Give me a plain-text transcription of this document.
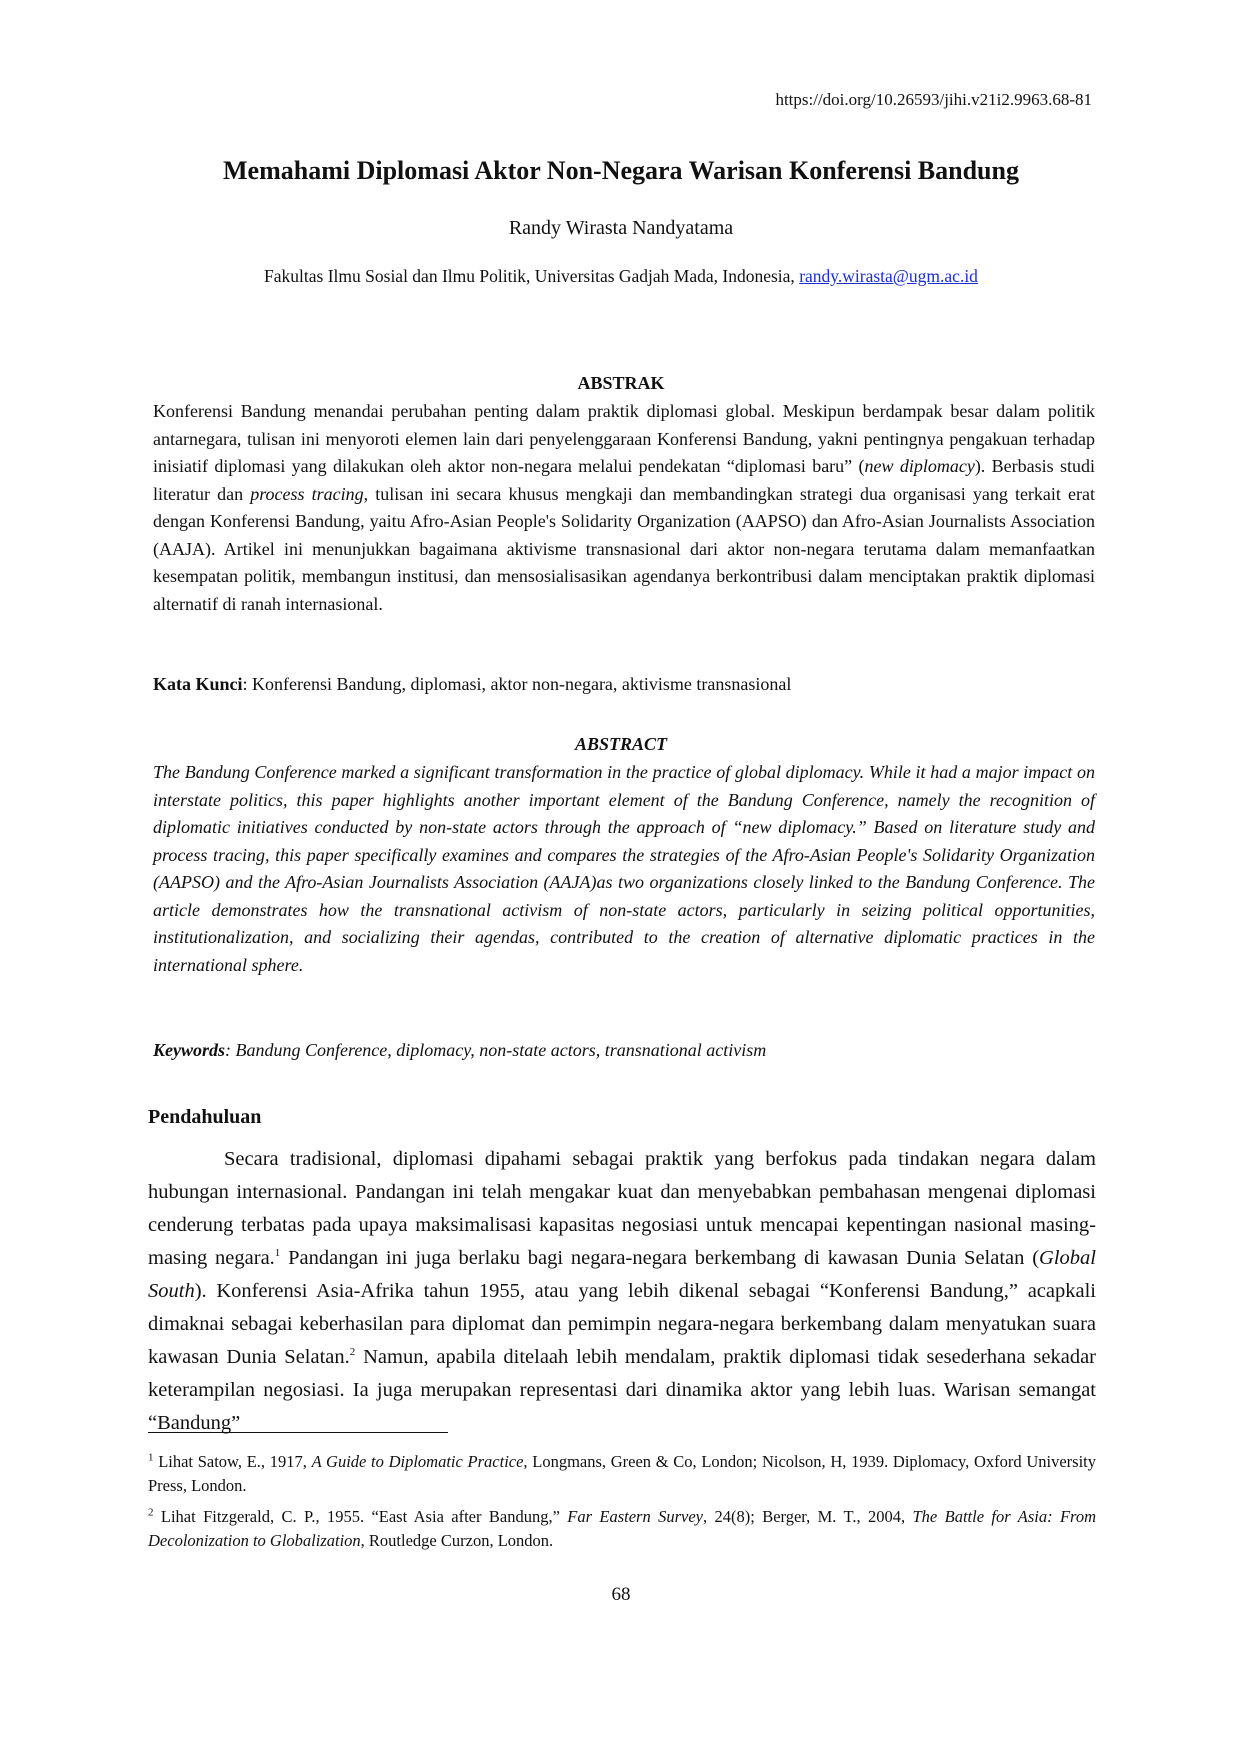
https://doi.org/10.26593/jihi.v21i2.9963.68-81
Memahami Diplomasi Aktor Non-Negara Warisan Konferensi Bandung
Randy Wirasta Nandyatama
Fakultas Ilmu Sosial dan Ilmu Politik, Universitas Gadjah Mada, Indonesia, randy.wirasta@ugm.ac.id
ABSTRAK
Konferensi Bandung menandai perubahan penting dalam praktik diplomasi global. Meskipun berdampak besar dalam politik antarnegara, tulisan ini menyoroti elemen lain dari penyelenggaraan Konferensi Bandung, yakni pentingnya pengakuan terhadap inisiatif diplomasi yang dilakukan oleh aktor non-negara melalui pendekatan “diplomasi baru” (new diplomacy). Berbasis studi literatur dan process tracing, tulisan ini secara khusus mengkaji dan membandingkan strategi dua organisasi yang terkait erat dengan Konferensi Bandung, yaitu Afro-Asian People's Solidarity Organization (AAPSO) dan Afro-Asian Journalists Association (AAJA). Artikel ini menunjukkan bagaimana aktivisme transnasional dari aktor non-negara terutama dalam memanfaatkan kesempatan politik, membangun institusi, dan mensosialisasikan agendanya berkontribusi dalam menciptakan praktik diplomasi alternatif di ranah internasional.
Kata Kunci: Konferensi Bandung, diplomasi, aktor non-negara, aktivisme transnasional
ABSTRACT
The Bandung Conference marked a significant transformation in the practice of global diplomacy. While it had a major impact on interstate politics, this paper highlights another important element of the Bandung Conference, namely the recognition of diplomatic initiatives conducted by non-state actors through the approach of “new diplomacy.” Based on literature study and process tracing, this paper specifically examines and compares the strategies of the Afro-Asian People's Solidarity Organization (AAPSO) and the Afro-Asian Journalists Association (AAJA)as two organizations closely linked to the Bandung Conference. The article demonstrates how the transnational activism of non-state actors, particularly in seizing political opportunities, institutionalization, and socializing their agendas, contributed to the creation of alternative diplomatic practices in the international sphere.
Keywords: Bandung Conference, diplomacy, non-state actors, transnational activism
Pendahuluan

Secara tradisional, diplomasi dipahami sebagai praktik yang berfokus pada tindakan negara dalam hubungan internasional. Pandangan ini telah mengakar kuat dan menyebabkan pembahasan mengenai diplomasi cenderung terbatas pada upaya maksimalisasi kapasitas negosiasi untuk mencapai kepentingan nasional masing-masing negara.$^1$ Pandangan ini juga berlaku bagi negara-negara berkembang di kawasan Dunia Selatan (Global South). Konferensi Asia-Afrika tahun 1955, atau yang lebih dikenal sebagai “Konferensi Bandung,” acapkali dimaknai sebagai keberhasilan para diplomat dan pemimpin negara-negara berkembang dalam menyatukan suara kawasan Dunia Selatan.$^2$ Namun, apabila ditelaah lebih mendalam, praktik diplomasi tidak sesederhana sekadar keterampilan negosiasi. Ia juga merupakan representasi dari dinamika aktor yang lebih luas. Warisan semangat “Bandung”

$^1$ Lihat Satow, E., 1917, A Guide to Diplomatic Practice, Longmans, Green & Co, London; Nicolson, H, 1939. Diplomacy, Oxford University Press, London.
$^2$ Lihat Fitzgerald, C. P., 1955. “East Asia after Bandung,” Far Eastern Survey, 24(8); Berger, M. T., 2004, The Battle for Asia: From Decolonization to Globalization, Routledge Curzon, London.
68
